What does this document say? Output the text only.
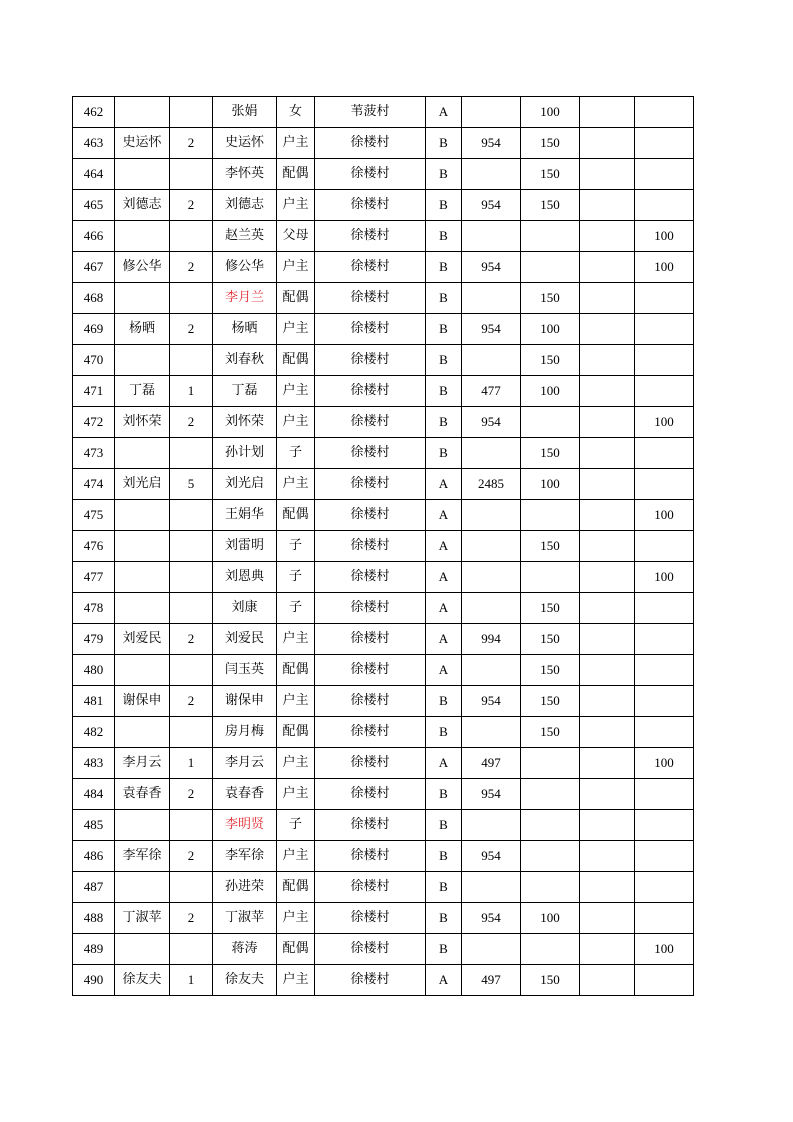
462			张娟	女	苇菠村	A		100		
463	史运怀	2	史运怀	户主	徐楼村	B	954	150		
464			李怀英	配偶	徐楼村	B		150		
465	刘德志	2	刘德志	户主	徐楼村	B	954	150		
466			赵兰英	父母	徐楼村	B				100
467	修公华	2	修公华	户主	徐楼村	B	954			100
468			李月兰	配偶	徐楼村	B		150		
469	杨晒	2	杨晒	户主	徐楼村	B	954	100		
470			刘春秋	配偶	徐楼村	B		150		
471	丁磊	1	丁磊	户主	徐楼村	B	477	100		
472	刘怀荣	2	刘怀荣	户主	徐楼村	B	954			100
473			孙计划	子	徐楼村	B		150		
474	刘光启	5	刘光启	户主	徐楼村	A	2485	100		
475			王娟华	配偶	徐楼村	A				100
476			刘雷明	子	徐楼村	A		150		
477			刘恩典	子	徐楼村	A				100
478			刘康	子	徐楼村	A		150		
479	刘爱民	2	刘爱民	户主	徐楼村	A	994	150		
480			闫玉英	配偶	徐楼村	A		150		
481	谢保申	2	谢保申	户主	徐楼村	B	954	150		
482			房月梅	配偶	徐楼村	B		150		
483	李月云	1	李月云	户主	徐楼村	A	497			100
484	袁春香	2	袁春香	户主	徐楼村	B	954			
485			李明贤	子	徐楼村	B				
486	李军徐	2	李军徐	户主	徐楼村	B	954			
487			孙进荣	配偶	徐楼村	B				
488	丁淑苹	2	丁淑苹	户主	徐楼村	B	954	100		
489			蒋涛	配偶	徐楼村	B				100
490	徐友夫	1	徐友夫	户主	徐楼村	A	497	150		
